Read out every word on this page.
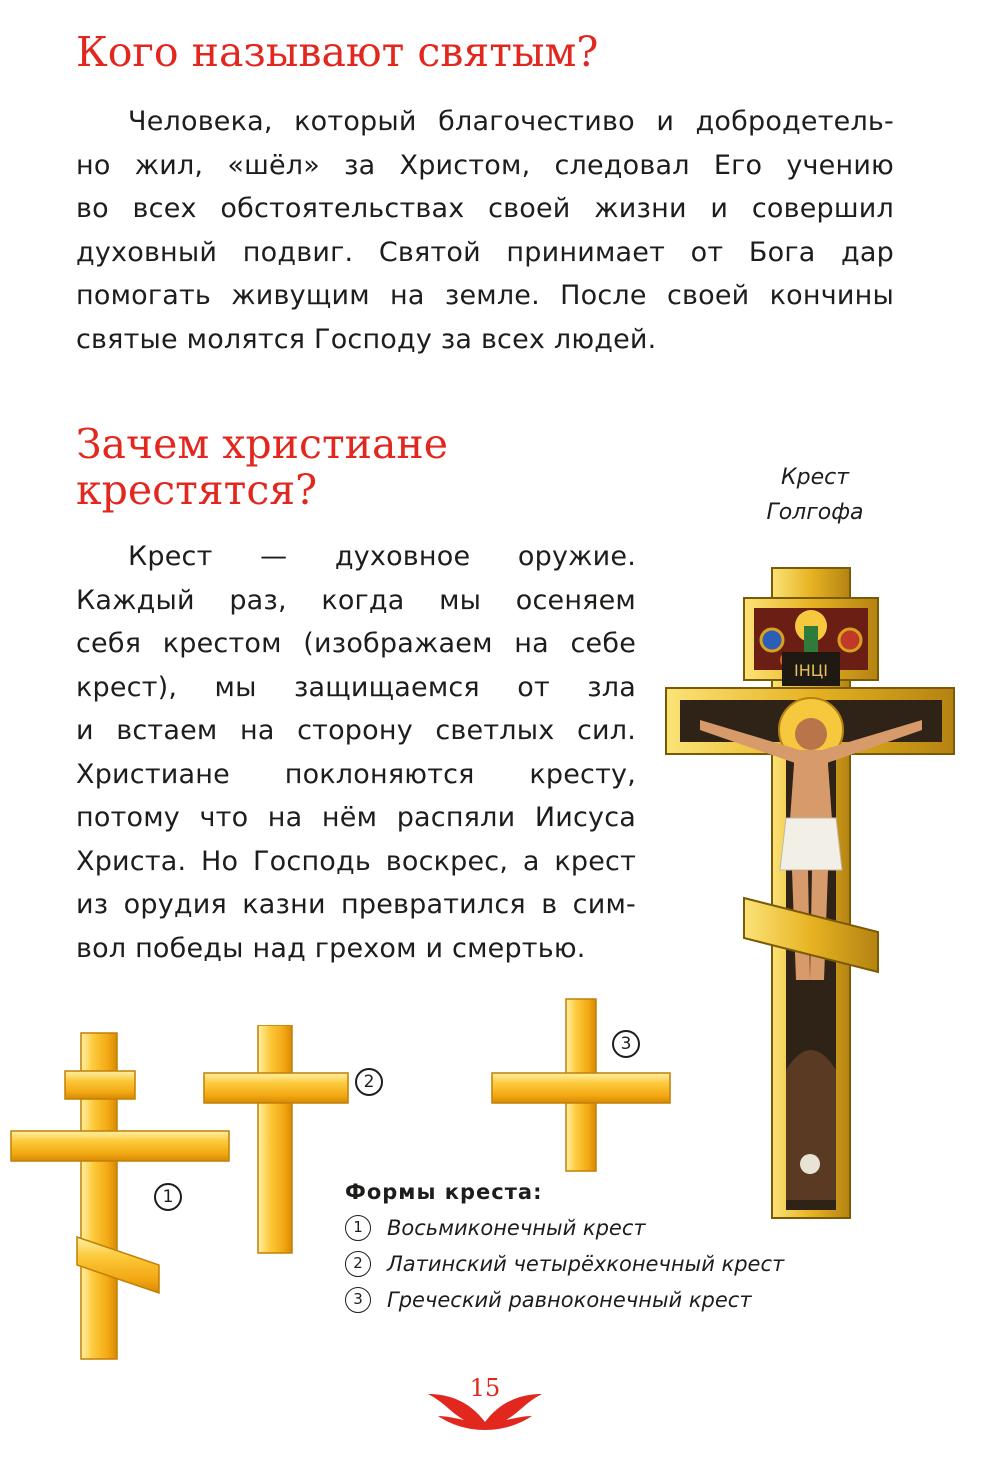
Кого называют святым?
Человека, который благочестиво и добродетель-
но жил, «шёл» за Христом, следовал Его учению
во всех обстоятельствах своей жизни и совершил
духовный подвиг. Святой принимает от Бога дар
помогать живущим на земле. После своей кончины
святые молятся Господу за всех людей.
Зачем христиане
крестятся?
Крест — духовное оружие.
Каждый раз, когда мы осеняем
себя крестом (изображаем на себе
крест), мы защищаемся от зла
и встаем на сторону светлых сил.
Христиане поклоняются кресту,
потому что на нём распяли Иисуса
Христа. Но Господь воскрес, а крест
из орудия казни превратился в сим-
вол победы над грехом и смертью.
Крест
Голгофа
IНЦI
1
2
3

Формы креста:

1	Восьмиконечный крест
2	Латинский четырёхконечный крест
3	Греческий равноконечный крест
15
